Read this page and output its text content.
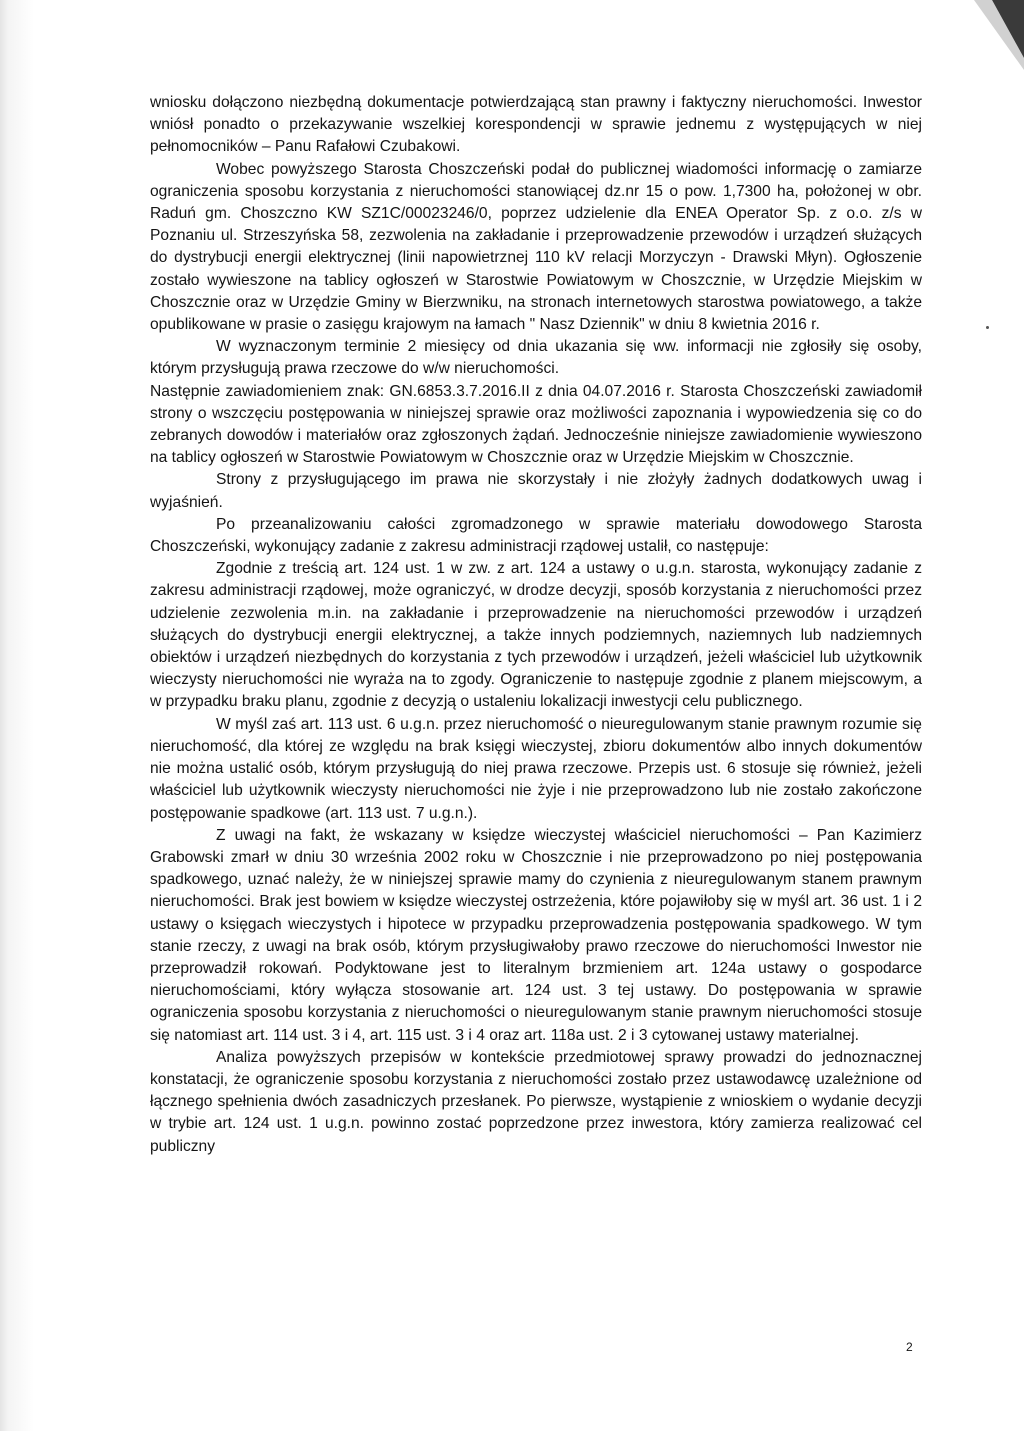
wniosku dołączono niezbędną dokumentacje potwierdzającą stan prawny i faktyczny nieruchomości. Inwestor wniósł ponadto o przekazywanie wszelkiej korespondencji w sprawie jednemu z występujących w niej pełnomocników – Panu Rafałowi Czubakowi.

Wobec powyższego Starosta Choszczeński podał do publicznej wiadomości informację o zamiarze ograniczenia sposobu korzystania z nieruchomości stanowiącej dz.nr 15 o pow. 1,7300 ha, położonej w obr. Raduń gm. Choszczno KW SZ1C/00023246/0, poprzez udzielenie dla ENEA Operator Sp. z o.o. z/s w Poznaniu ul. Strzeszyńska 58, zezwolenia na zakładanie i przeprowadzenie przewodów i urządzeń służących do dystrybucji energii elektrycznej (linii napowietrznej 110 kV relacji Morzyczyn - Drawski Młyn). Ogłoszenie zostało wywieszone na tablicy ogłoszeń w Starostwie Powiatowym w Choszcznie, w Urzędzie Miejskim w Choszcznie oraz w Urzędzie Gminy w Bierzwniku, na stronach internetowych starostwa powiatowego, a także opublikowane w prasie o zasięgu krajowym na łamach " Nasz Dziennik" w dniu 8 kwietnia 2016 r.

W wyznaczonym terminie 2 miesięcy od dnia ukazania się ww. informacji nie zgłosiły się osoby, którym przysługują prawa rzeczowe do w/w nieruchomości.

Następnie zawiadomieniem znak: GN.6853.3.7.2016.II z dnia 04.07.2016 r. Starosta Choszczeński zawiadomił strony o wszczęciu postępowania w niniejszej sprawie oraz możliwości zapoznania i wypowiedzenia się co do zebranych dowodów i materiałów oraz zgłoszonych żądań. Jednocześnie niniejsze zawiadomienie wywieszono na tablicy ogłoszeń w Starostwie Powiatowym w Choszcznie oraz w Urzędzie Miejskim w Choszcznie.

Strony z przysługującego im prawa nie skorzystały i nie złożyły żadnych dodatkowych uwag i wyjaśnień.

Po przeanalizowaniu całości zgromadzonego w sprawie materiału dowodowego Starosta Choszczeński, wykonujący zadanie z zakresu administracji rządowej ustalił, co następuje:

Zgodnie z treścią art. 124 ust. 1 w zw. z art. 124 a ustawy o u.g.n. starosta, wykonujący zadanie z zakresu administracji rządowej, może ograniczyć, w drodze decyzji, sposób korzystania z nieruchomości przez udzielenie zezwolenia m.in. na zakładanie i przeprowadzenie na nieruchomości przewodów i urządzeń służących do dystrybucji energii elektrycznej, a także innych podziemnych, naziemnych lub nadziemnych obiektów i urządzeń niezbędnych do korzystania z tych przewodów i urządzeń, jeżeli właściciel lub użytkownik wieczysty nieruchomości nie wyraża na to zgody. Ograniczenie to następuje zgodnie z planem miejscowym, a w przypadku braku planu, zgodnie z decyzją o ustaleniu lokalizacji inwestycji celu publicznego.

W myśl zaś art. 113 ust. 6 u.g.n. przez nieruchomość o nieuregulowanym stanie prawnym rozumie się nieruchomość, dla której ze względu na brak księgi wieczystej, zbioru dokumentów albo innych dokumentów nie można ustalić osób, którym przysługują do niej prawa rzeczowe. Przepis ust. 6 stosuje się również, jeżeli właściciel lub użytkownik wieczysty nieruchomości nie żyje i nie przeprowadzono lub nie zostało zakończone postępowanie spadkowe (art. 113 ust. 7 u.g.n.).

Z uwagi na fakt, że wskazany w księdze wieczystej właściciel nieruchomości – Pan Kazimierz Grabowski zmarł w dniu 30 września 2002 roku w Choszcznie i nie przeprowadzono po niej postępowania spadkowego, uznać należy, że w niniejszej sprawie mamy do czynienia z nieuregulowanym stanem prawnym nieruchomości. Brak jest bowiem w księdze wieczystej ostrzeżenia, które pojawiłoby się w myśl art. 36 ust. 1 i 2 ustawy o księgach wieczystych i hipotece w przypadku przeprowadzenia postępowania spadkowego. W tym stanie rzeczy, z uwagi na brak osób, którym przysługiwałoby prawo rzeczowe do nieruchomości Inwestor nie przeprowadził rokowań. Podyktowane jest to literalnym brzmieniem art. 124a ustawy o gospodarce nieruchomościami, który wyłącza stosowanie art. 124 ust. 3 tej ustawy. Do postępowania w sprawie ograniczenia sposobu korzystania z nieruchomości o nieuregulowanym stanie prawnym nieruchomości stosuje się natomiast art. 114 ust. 3 i 4, art. 115 ust. 3 i 4 oraz art. 118a ust. 2 i 3 cytowanej ustawy materialnej.

Analiza powyższych przepisów w kontekście przedmiotowej sprawy prowadzi do jednoznacznej konstatacji, że ograniczenie sposobu korzystania z nieruchomości zostało przez ustawodawcę uzależnione od łącznego spełnienia dwóch zasadniczych przesłanek. Po pierwsze, wystąpienie z wnioskiem o wydanie decyzji w trybie art. 124 ust. 1 u.g.n. powinno zostać poprzedzone przez inwestora, który zamierza realizować cel publiczny

2
